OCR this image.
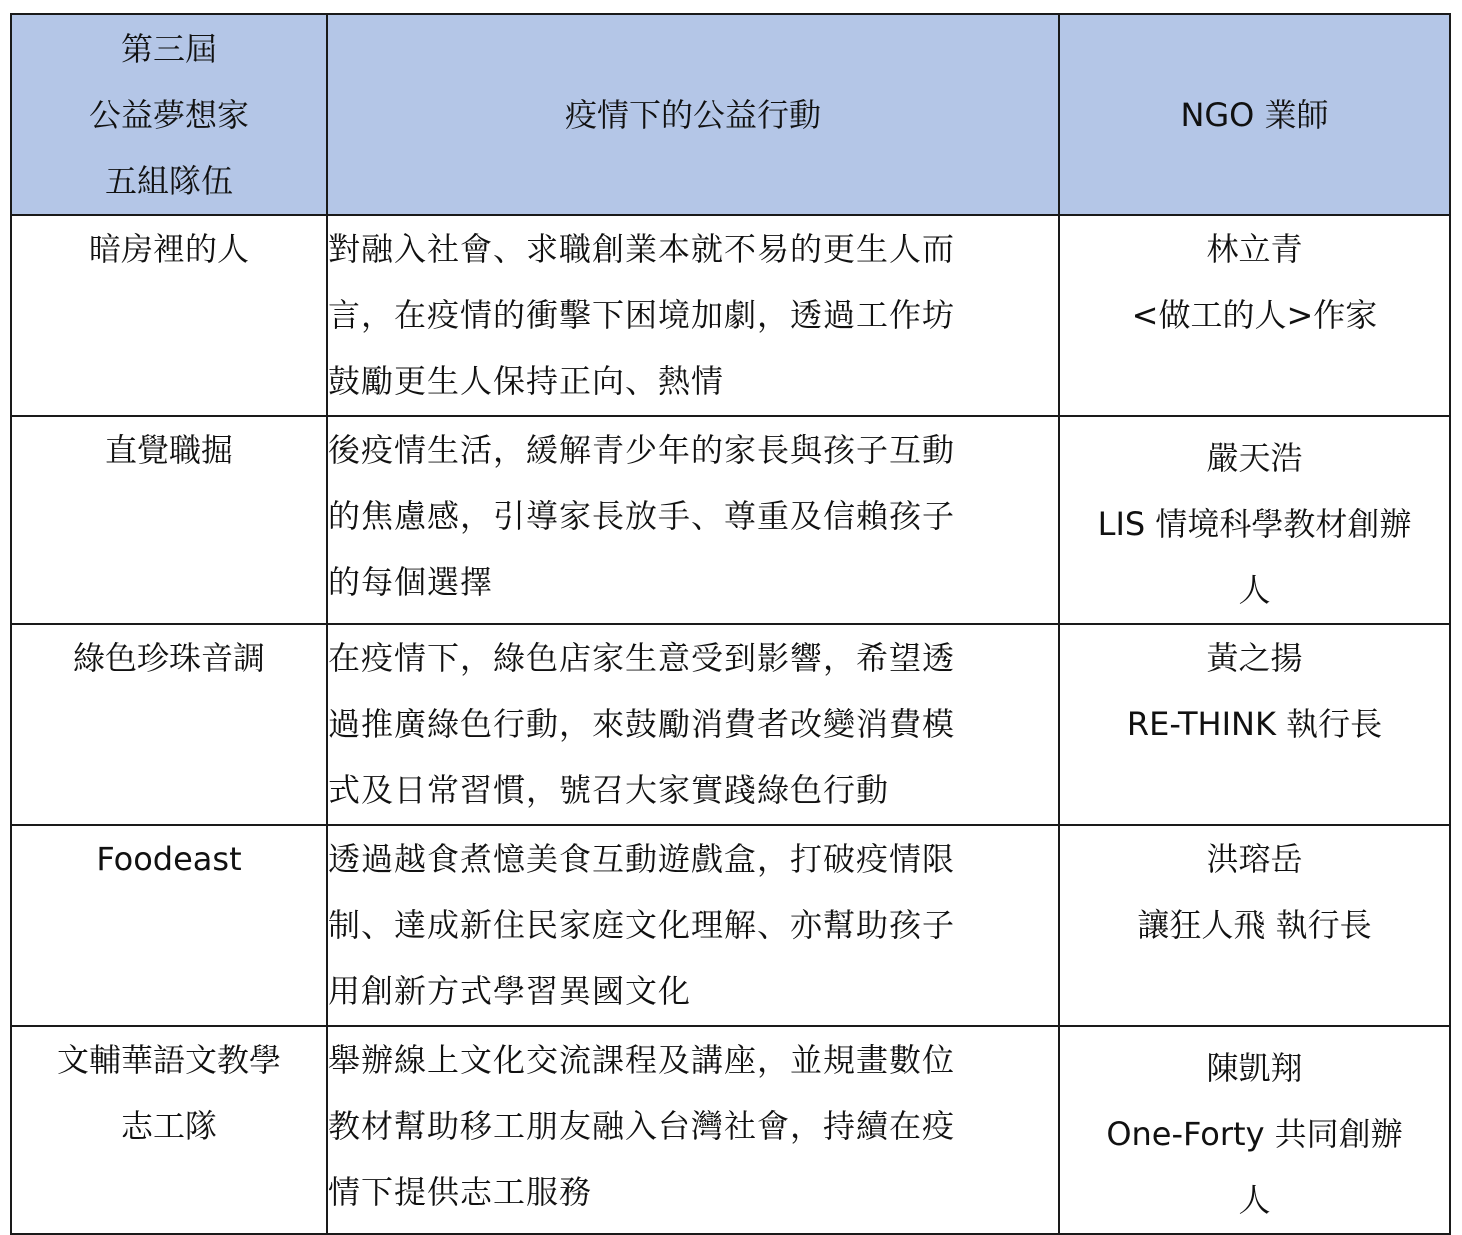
第三屆
公益夢想家
五組隊伍	疫情下的公益行動	NGO 業師

暗房裡的人	對融入社會、求職創業本就不易的更生人而
言，在疫情的衝擊下困境加劇，透過工作坊
鼓勵更生人保持正向、熱情	林立青
<做工的人>作家

直覺職掘	後疫情生活，緩解青少年的家長與孩子互動
的焦慮感，引導家長放手、尊重及信賴孩子
的每個選擇	嚴天浩
LIS 情境科學教材創辦
人

綠色珍珠音調	在疫情下，綠色店家生意受到影響，希望透
過推廣綠色行動，來鼓勵消費者改變消費模
式及日常習慣，號召大家實踐綠色行動	黃之揚
RE-THINK 執行長

Foodeast	透過越食煮憶美食互動遊戲盒，打破疫情限
制、達成新住民家庭文化理解、亦幫助孩子
用創新方式學習異國文化	洪瑢岳
讓狂人飛 執行長

文輔華語文教學
志工隊	舉辦線上文化交流課程及講座，並規畫數位
教材幫助移工朋友融入台灣社會，持續在疫
情下提供志工服務	陳凱翔
One-Forty 共同創辦
人
